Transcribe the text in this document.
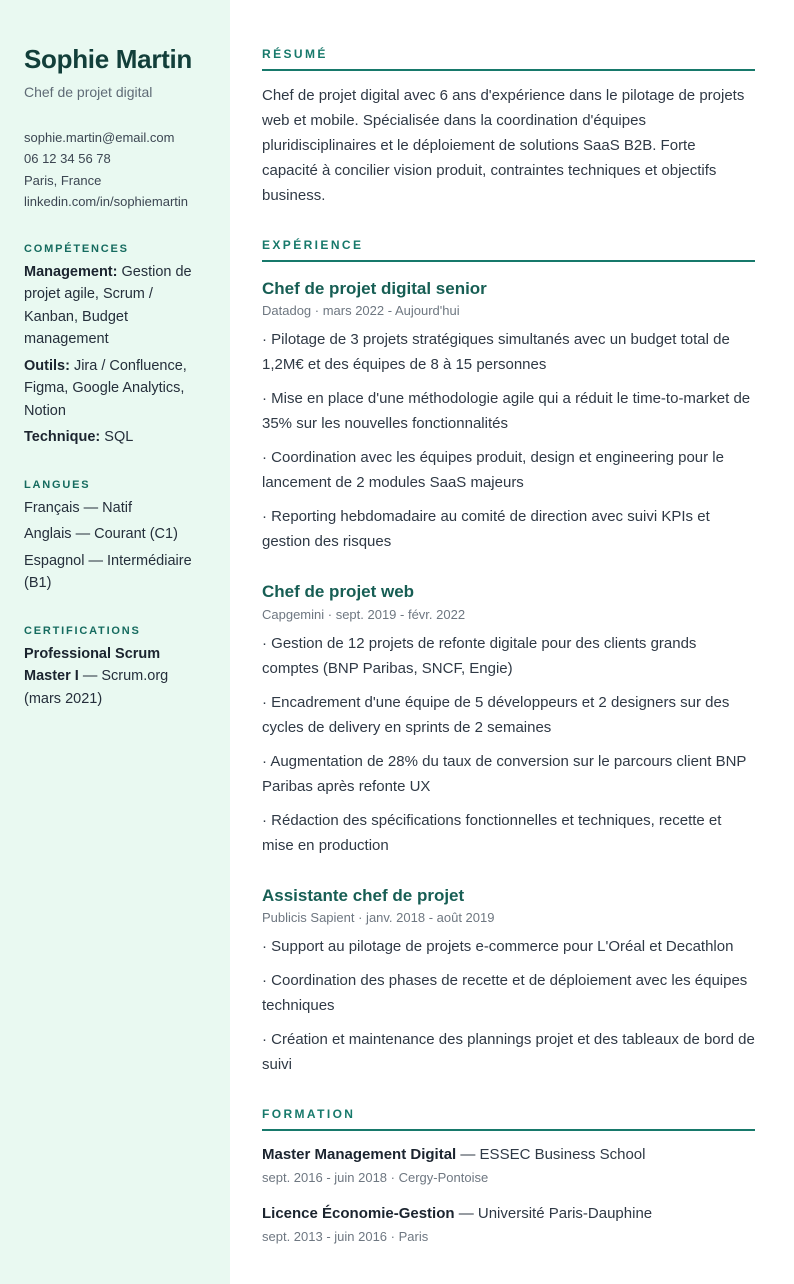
Sophie Martin
Chef de projet digital
sophie.martin@email.com
06 12 34 56 78
Paris, France
linkedin.com/in/sophiemartin
COMPÉTENCES

Management: Gestion de projet agile, Scrum / Kanban, Budget management

Outils: Jira / Confluence, Figma, Google Analytics, Notion

Technique: SQL

LANGUES

Français — Natif

Anglais — Courant (C1)

Espagnol — Intermédiaire (B1)

CERTIFICATIONS

Professional Scrum Master I — Scrum.org (mars 2021)

RÉSUMÉ

Chef de projet digital avec 6 ans d'expérience dans le pilotage de projets web et mobile. Spécialisée dans la coordination d'équipes pluridisciplinaires et le déploiement de solutions SaaS B2B. Forte capacité à concilier vision produit, contraintes techniques et objectifs business.

EXPÉRIENCE
Chef de projet digital senior
Datadog · mars 2022 - Aujourd'hui

· Pilotage de 3 projets stratégiques simultanés avec un budget total de 1,2M€ et des équipes de 8 à 15 personnes

· Mise en place d'une méthodologie agile qui a réduit le time-to-market de 35% sur les nouvelles fonctionnalités

· Coordination avec les équipes produit, design et engineering pour le lancement de 2 modules SaaS majeurs

· Reporting hebdomadaire au comité de direction avec suivi KPIs et gestion des risques

Chef de projet web
Capgemini · sept. 2019 - févr. 2022

· Gestion de 12 projets de refonte digitale pour des clients grands comptes (BNP Paribas, SNCF, Engie)

· Encadrement d'une équipe de 5 développeurs et 2 designers sur des cycles de delivery en sprints de 2 semaines

· Augmentation de 28% du taux de conversion sur le parcours client BNP Paribas après refonte UX

· Rédaction des spécifications fonctionnelles et techniques, recette et mise en production

Assistante chef de projet
Publicis Sapient · janv. 2018 - août 2019

· Support au pilotage de projets e-commerce pour L'Oréal et Decathlon

· Coordination des phases de recette et de déploiement avec les équipes techniques

· Création et maintenance des plannings projet et des tableaux de bord de suivi

FORMATION

Master Management Digital — ESSEC Business School

sept. 2016 - juin 2018 · Cergy-Pontoise

Licence Économie-Gestion — Université Paris-Dauphine

sept. 2013 - juin 2016 · Paris
